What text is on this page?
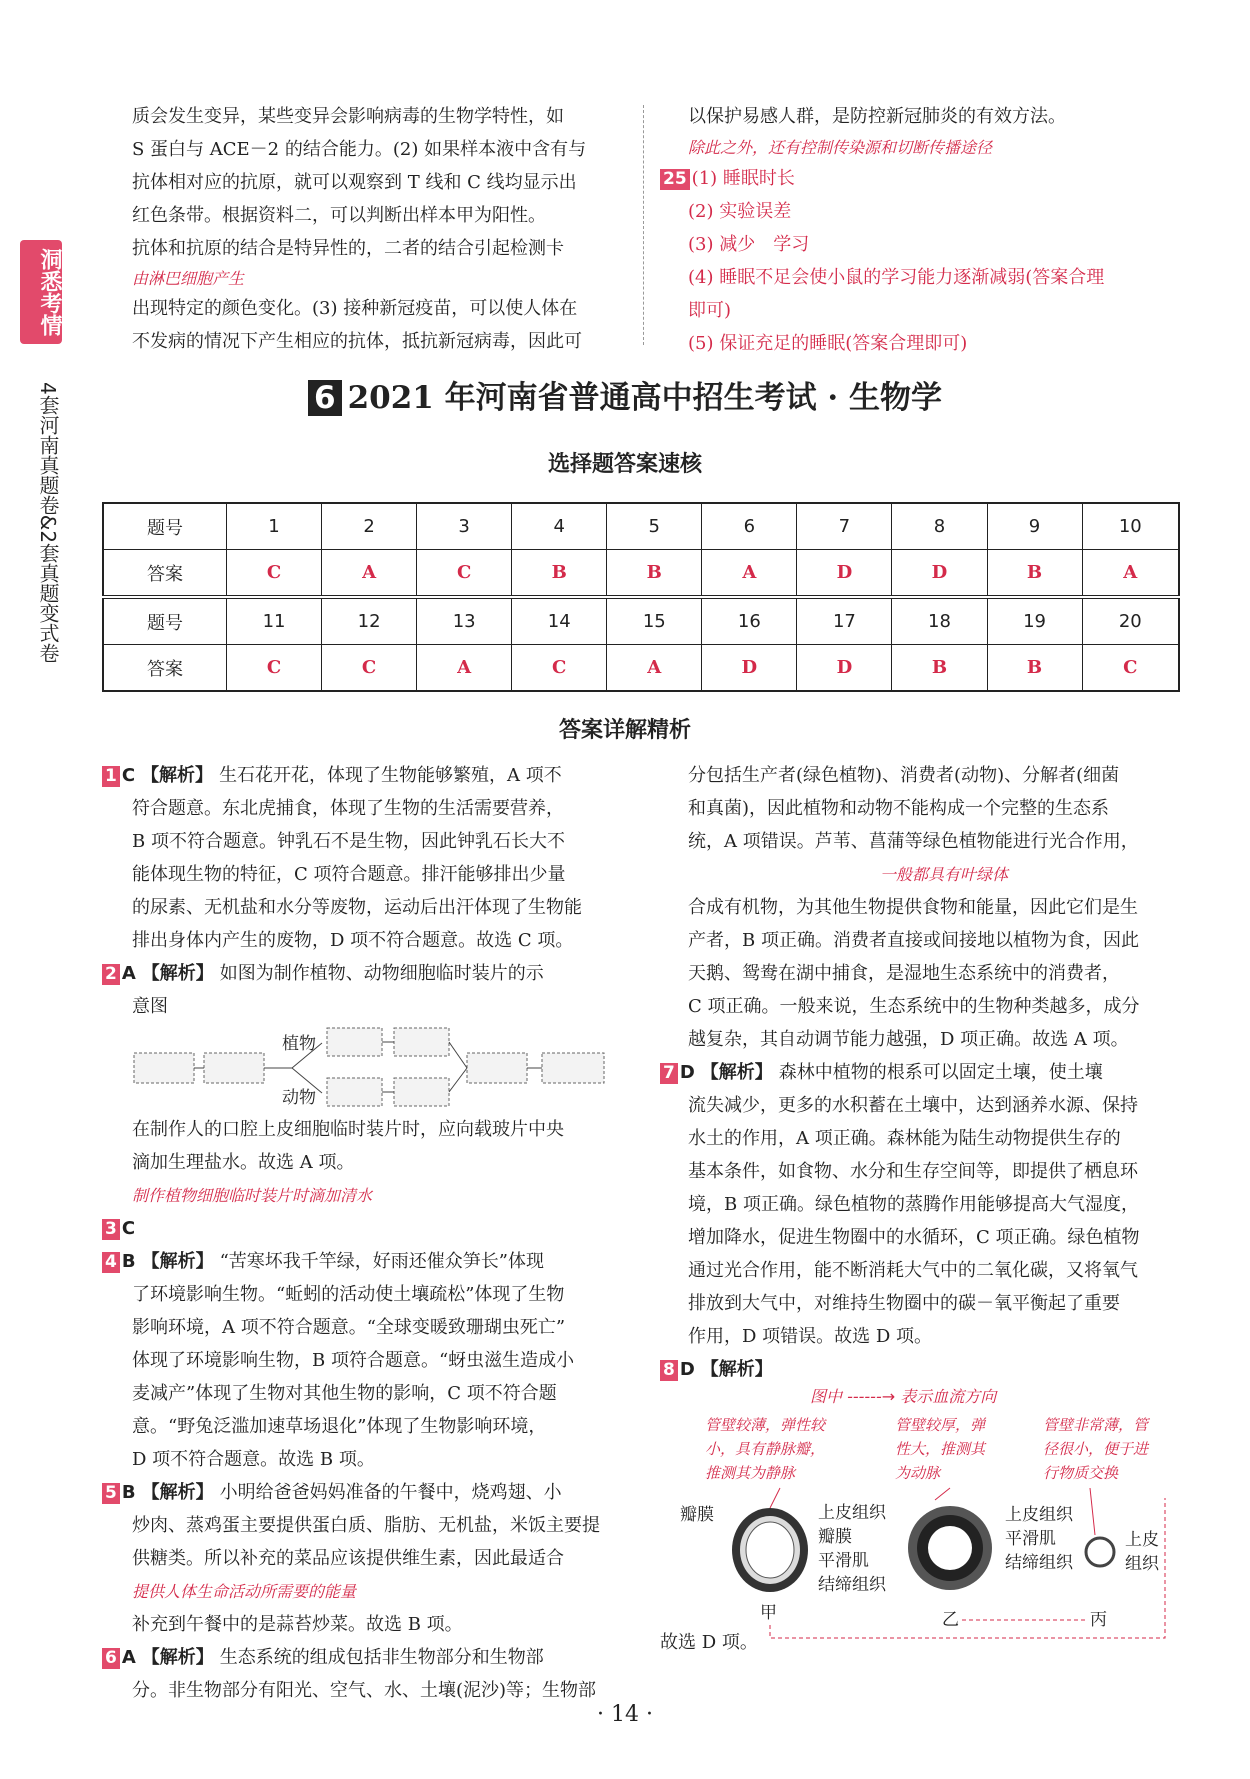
洞悉考情
4套河南真题卷&2套真题变式卷

质会发生变异，某些变异会影响病毒的生物学特性，如

S 蛋白与 ACE－2 的结合能力。(2) 如果样本液中含有与

抗体相对应的抗原，就可以观察到 T 线和 C 线均显示出

红色条带。根据资料二，可以判断出样本甲为阳性。

抗体和抗原的结合是特异性的，二者的结合引起检测卡

由淋巴细胞产生

出现特定的颜色变化。(3) 接种新冠疫苗，可以使人体在

不发病的情况下产生相应的抗体，抵抗新冠病毒，因此可

以保护易感人群，是防控新冠肺炎的有效方法。

除此之外，还有控制传染源和切断传播途径

25 (1) 睡眠时长

(2) 实验误差

(3) 减少　学习

(4) 睡眠不足会使小鼠的学习能力逐渐减弱(答案合理

即可)

(5) 保证充足的睡眠(答案合理即可)

6 2021 年河南省普通高中招生考试 · 生物学
选择题答案速核
题号	1	2	3	4	5	6	7	8	9	10
答案	C	A	C	B	B	A	D	D	B	A
题号	11	12	13	14	15	16	17	18	19	20
答案	C	C	A	C	A	D	D	B	B	C
答案详解精析

1 C 【解析】 生石花开花，体现了生物能够繁殖，A 项不

符合题意。东北虎捕食，体现了生物的生活需要营养，

B 项不符合题意。钟乳石不是生物，因此钟乳石长大不

能体现生物的特征，C 项符合题意。排汗能够排出少量

的尿素、无机盐和水分等废物，运动后出汗体现了生物能

排出身体内产生的废物，D 项不符合题意。故选 C 项。

2 A 【解析】 如图为制作植物、动物细胞临时装片的示

意图

植物
动物

在制作人的口腔上皮细胞临时装片时，应向载玻片中央

滴加生理盐水。故选 A 项。

制作植物细胞临时装片时滴加清水

3 C

4 B 【解析】 “苦寒坏我千竿绿，好雨还催众笋长”体现

了环境影响生物。“蚯蚓的活动使土壤疏松”体现了生物

影响环境，A 项不符合题意。“全球变暖致珊瑚虫死亡”

体现了环境影响生物，B 项符合题意。“蚜虫滋生造成小

麦减产”体现了生物对其他生物的影响，C 项不符合题

意。“野兔泛滥加速草场退化”体现了生物影响环境，

D 项不符合题意。故选 B 项。

5 B 【解析】 小明给爸爸妈妈准备的午餐中，烧鸡翅、小

炒肉、蒸鸡蛋主要提供蛋白质、脂肪、无机盐，米饭主要提

供糖类。所以补充的菜品应该提供维生素，因此最适合

提供人体生命活动所需要的能量

补充到午餐中的是蒜苔炒菜。故选 B 项。

6 A 【解析】 生态系统的组成包括非生物部分和生物部

分。非生物部分有阳光、空气、水、土壤(泥沙)等；生物部

分包括生产者(绿色植物)、消费者(动物)、分解者(细菌

和真菌)，因此植物和动物不能构成一个完整的生态系

统，A 项错误。芦苇、菖蒲等绿色植物能进行光合作用，

一般都具有叶绿体

合成有机物，为其他生物提供食物和能量，因此它们是生

产者，B 项正确。消费者直接或间接地以植物为食，因此

天鹅、鸳鸯在湖中捕食，是湿地生态系统中的消费者，

C 项正确。一般来说，生态系统中的生物种类越多，成分

越复杂，其自动调节能力越强，D 项正确。故选 A 项。

7 D 【解析】 森林中植物的根系可以固定土壤，使土壤

流失减少，更多的水积蓄在土壤中，达到涵养水源、保持

水土的作用，A 项正确。森林能为陆生动物提供生存的

基本条件，如食物、水分和生存空间等，即提供了栖息环

境，B 项正确。绿色植物的蒸腾作用能够提高大气湿度，

增加降水，促进生物圈中的水循环，C 项正确。绿色植物

通过光合作用，能不断消耗大气中的二氧化碳，又将氧气

排放到大气中，对维持生物圈中的碳－氧平衡起了重要

作用，D 项错误。故选 D 项。

8 D 【解析】

图中 ------→ 表示血流方向
管壁较薄，弹性较
小，具有静脉瓣，
推测其为静脉
管壁较厚，弹
性大，推测其
为动脉
管壁非常薄，管
径很小，便于进
行物质交换
瓣膜	上皮组织
瓣膜
平滑肌
结缔组织
甲
上皮组织
平滑肌
结缔组织
乙
上皮
组织
丙
故选 D 项。
· 14 ·
